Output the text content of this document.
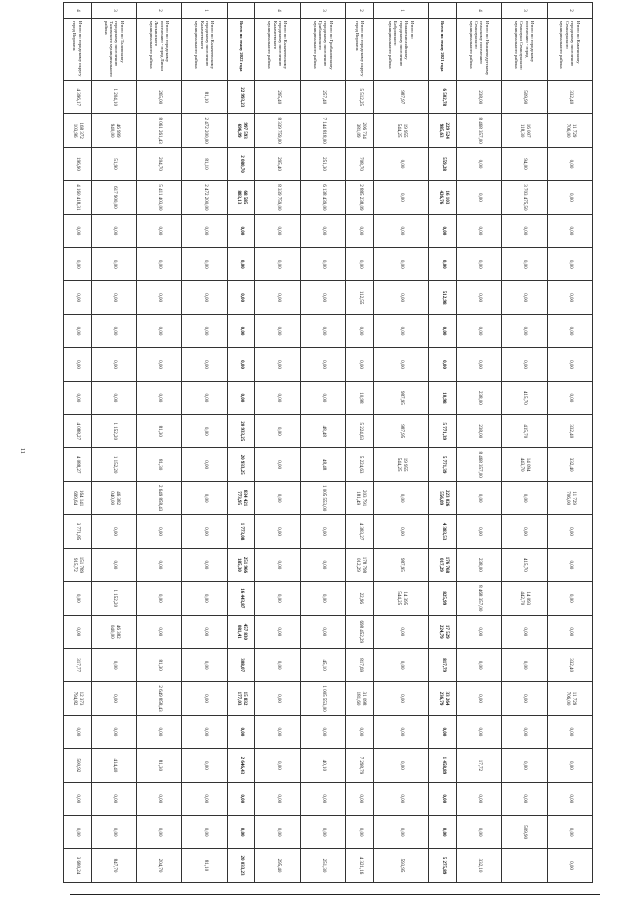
11
2	Итого по Каменскому городскому поселению Семилукского муниципального района	332,40	11 729 706,00	0,00	0,00	0,00	0,00	0,00	0,00	0,00	0,00	332,40	332,40	11 729 706,00	0,00	0,00	0,00	0,00	332,40	11 729 706,00	0,00	0,00	0,00	0,00	0,00
3	Итого по городскому поселению - город Семилуки Семилукского муниципального района	509,90	16 007 118,30	94,00	3 703 475,50	0,00	0,00	0,00	0,00	0,00	415,70	415,70	14 094 443,70	0,00	0,00	415,70	14 093 442,70	0,00	0,00	0,00	0,00	0,00	0,00	509,90	
4	Итого по Нижневедугскому сельскому поселению Семилукского муниципального района	238,00	8 468 357,00	0,00	0,00	0,00	0,00	0,00	0,00	0,00	238,00	238,00	8 468 357,00	0,00	0,00	238,00	8 468 357,00	0,00	0,00	0,00	0,00	17,72	0,00	0,00	332,10
	Всего по этапу 2021 года	6 502,78	229 524 985,63	559,28	16 103 426,76	0,00	0,00	512,98	0,00	0,00	10,98	5 771,39	5 771,39	223 026 556,09	4 383,53	176 768 017,29	825,99	17 529 224,79	817,79	33 264 236,79	0,00	1 458,89	0,00	0,00	5 275,89
1	Итого по Нижнекисляйскому городскому поселению Бобровского муниципального района	987,97	19 955 544,25	0,00	0,00	0,00	0,00	0,00	0,00	0,00	987,95	987,95	19 955 544,25	0,00	0,00	987,95	14 395 544,25	0,00	0,00	0,00	0,00	0,00	0,00	0,00	593,95
2	Итого по городскому округу город Воронеж	5 512,25	206 734 381,09	708,70	2 885 238,09	0,00	0,00	112,55	0,00	0,00	10,98	5 224,63	5 224,63	203 791 181,49	4 383,27	178 798 012,29	22,96	698 452,29	817,69	31 098 181,60	0,00	7 298,79	0,00	0,00	4 321,16
3	Итого по Грибановскому городскому поселению Грибановского муниципального района	257,40	7 144 818,00	251,30	6 138 439,00	0,00	0,00	0,00	0,00	0,00	0,00	48,48	48,48	1 005 553,00	0,00	0,00	0,00	0,00	45,10	1 005 553,00	0,00	40,10	0,00	0,00	251,30
4	Итого по Калачеевскому городскому поселению Калачеевского муниципального района	295,40	8 339 759,00	295,40	8 339 759,00	0,00	0,00	0,00	0,00	0,00	0,00	0,00	0,00	0,00	0,00	0,00	0,00	0,00	0,00	0,00	0,00	0,00	0,00	0,00	295,40
	Всего по этапу 2022 года	22 993,23	997 593 696,99	2 080,70	68 585 883,13	0,00	0,00	0,00	0,00	0,00	0,00	20 933,25	20 933,25	834 421 773,95	1 773,08	251 966 185,30	16 443,87	457 830 081,41	308,07	15 832 177,03	0,00	2 646,43	0,00	0,00	20 033,23
1	Итого по Калачеевскому городскому поселению Калачеевского муниципального района	81,10	2 472 200,00	81,10	2 472 200,00	0,00	0,00	0,00	0,00	0,00	0,00	0,00	0,00	0,00	0,00	0,00	0,00	0,00	0,00	0,00	0,00	0,00	0,00	0,00	81,10
2	Итого по городскому поселению - город Лиски Лискинского муниципального района	265,00	8 061 261,43	204,70	5 411 403,00	0,00	0,00	0,00	0,00	0,00	0,00	81,30	81,30	2 649 858,43	0,00	0,00	0,00	0,00	81,30	2 649 858,43	0,00	81,30	0,00	0,00	204,70
3	Итого по Таловскому городскому поселению Таловского муниципального района	1 204,10	46 999 940,00	51,90	617 900,00	0,00	0,00	0,00	0,00	0,00	0,00	1 152,20	1 152,20	46 382 040,00	0,00	0,00	1 152,20	46 382 040,00	0,00	0,00	0,00	414,40	0,00	0,00	847,70
4	Итого по городскому округу город Воронеж	4 396,17	168 372 103,96	196,90	4 160 418,31	0,00	0,00	0,00	0,00	0,00	0,00	4 088,27	4 088,27	164 141 699,64	3 771,85	151 789 915,72	0,00	0,00	317,77	12 373 794,82	0,00	500,92	0,00	0,00	3 680,24
